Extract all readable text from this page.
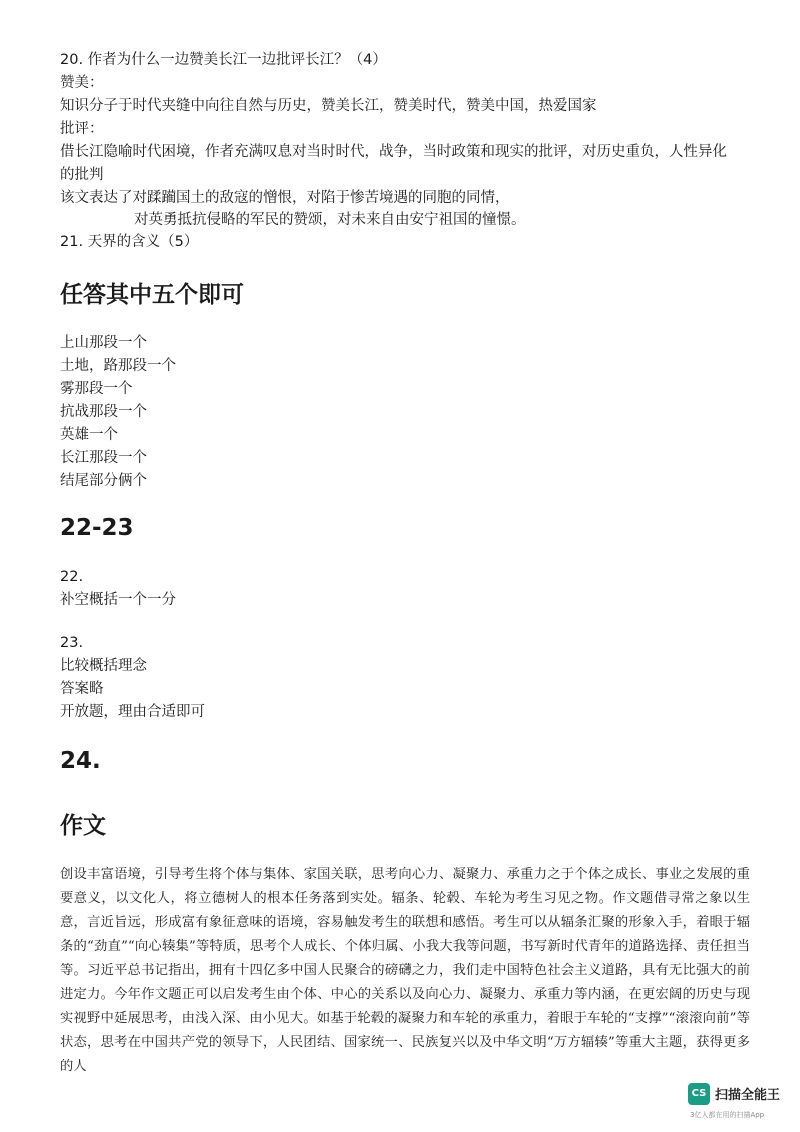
20. 作者为什么一边赞美长江一边批评长江？（4）
赞美：
知识分子于时代夹缝中向往自然与历史，赞美长江，赞美时代，赞美中国，热爱国家
批评：
借长江隐喻时代困境，作者充满叹息对当时时代，战争，当时政策和现实的批评，对历史重负，人性异化
的批判
该文表达了对蹂躏国土的敌寇的憎恨，对陷于惨苦境遇的同胞的同情，
对英勇抵抗侵略的军民的赞颂，对未来自由安宁祖国的憧憬。
21. 天界的含义（5）
任答其中五个即可
上山那段一个
土地，路那段一个
雾那段一个
抗战那段一个
英雄一个
长江那段一个
结尾部分俩个
22-23
22.
补空概括一个一分
23.
比较概括理念
答案略
开放题，理由合适即可
24.
作文

创设丰富语境，引导考生将个体与集体、家国关联，思考向心力、凝聚力、承重力之于个体之成长、事业之发展的重要意义，以文化人，将立德树人的根本任务落到实处。辐条、轮毂、车轮为考生习见之物。作文题借寻常之象以生意，言近旨远，形成富有象征意味的语境，容易触发考生的联想和感悟。考生可以从辐条汇聚的形象入手，着眼于辐条的“劲直”“向心辏集”等特质，思考个人成长、个体归属、小我大我等问题，书写新时代青年的道路选择、责任担当等。习近平总书记指出，拥有十四亿多中国人民聚合的磅礴之力，我们走中国特色社会主义道路，具有无比强大的前进定力。今年作文题正可以启发考生由个体、中心的关系以及向心力、凝聚力、承重力等内涵，在更宏阔的历史与现实视野中延展思考，由浅入深、由小见大。如基于轮毂的凝聚力和车轮的承重力，着眼于车轮的“支撑”“滚滚向前”等状态，思考在中国共产党的领导下，人民团结、国家统一、民族复兴以及中华文明“万方辐辏”等重大主题，获得更多的人

CS 扫描全能王
3亿人都在用的扫描App
